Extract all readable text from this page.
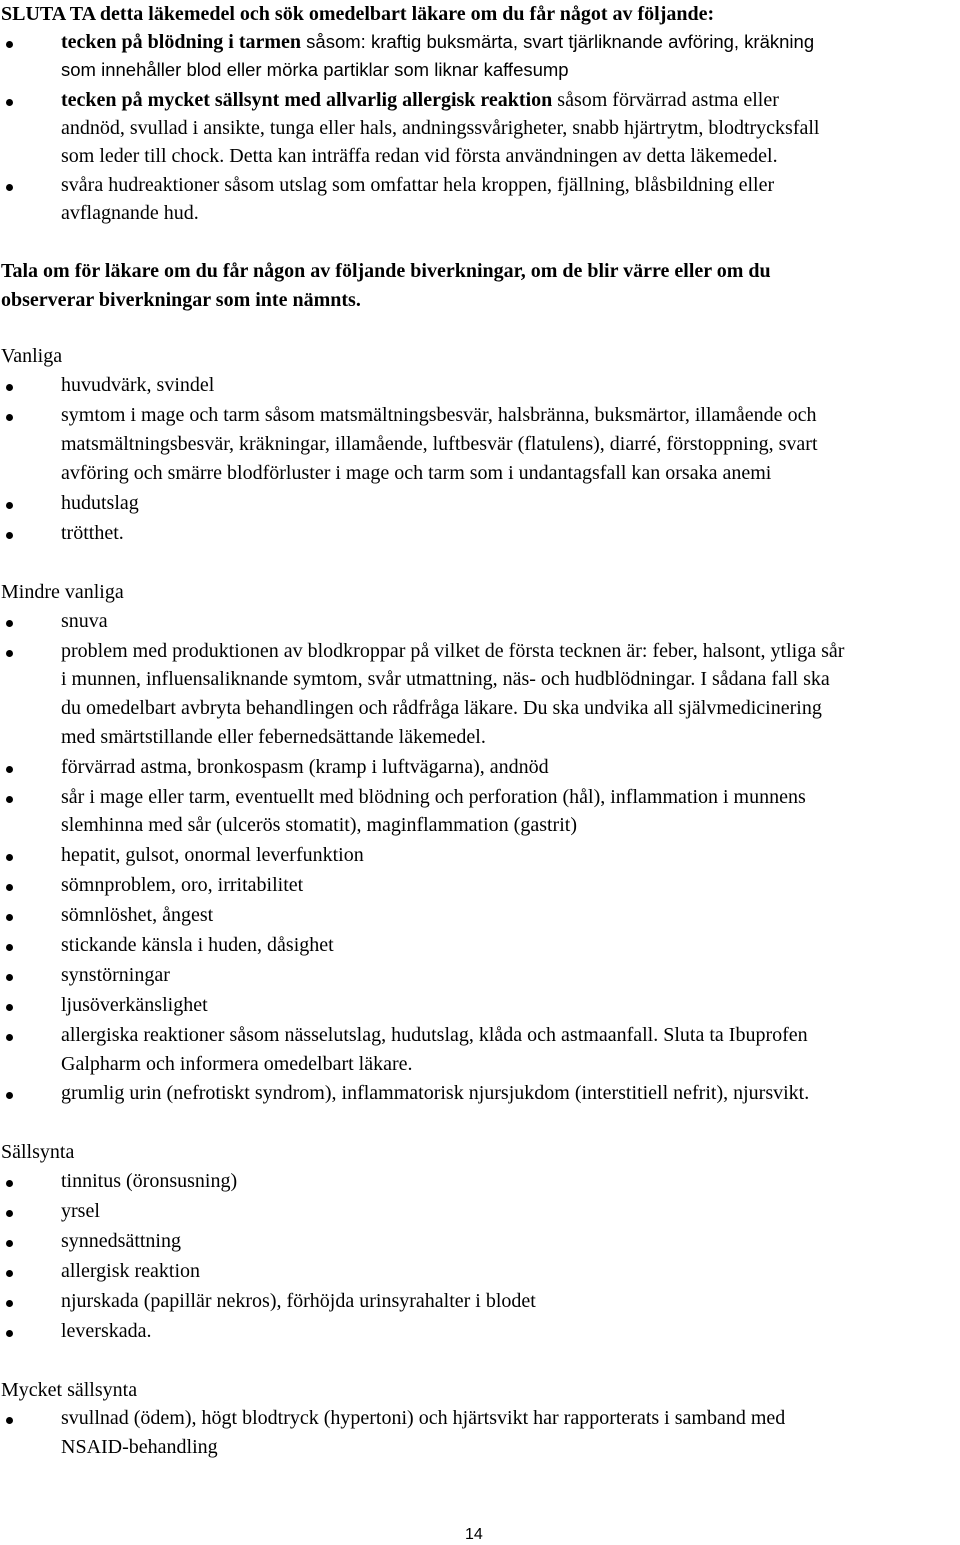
SLUTA TA detta läkemedel och sök omedelbart läkare om du får något av följande:
tecken på blödning i tarmen såsom: kraftig buksmärta, svart tjärliknande avföring, kräkning
som innehåller blod eller mörka partiklar som liknar kaffesump
tecken på mycket sällsynt med allvarlig allergisk reaktion såsom förvärrad astma eller
andnöd, svullad i ansikte, tunga eller hals, andningssvårigheter, snabb hjärtrytm, blodtrycksfall
som leder till chock. Detta kan inträffa redan vid första användningen av detta läkemedel.
svåra hudreaktioner såsom utslag som omfattar hela kroppen, fjällning, blåsbildning eller
avflagnande hud.
Tala om för läkare om du får någon av följande biverkningar, om de blir värre eller om du
observerar biverkningar som inte nämnts.
Vanliga
huvudvärk, svindel
symtom i mage och tarm såsom matsmältningsbesvär, halsbränna, buksmärtor, illamående och
matsmältningsbesvär, kräkningar, illamående, luftbesvär (flatulens), diarré, förstoppning, svart
avföring och smärre blodförluster i mage och tarm som i undantagsfall kan orsaka anemi
hudutslag
trötthet.
Mindre vanliga
snuva
problem med produktionen av blodkroppar på vilket de första tecknen är: feber, halsont, ytliga sår
i munnen, influensaliknande symtom, svår utmattning, näs- och hudblödningar. I sådana fall ska
du omedelbart avbryta behandlingen och rådfråga läkare. Du ska undvika all självmedicinering
med smärtstillande eller febernedsättande läkemedel.
förvärrad astma, bronkospasm (kramp i luftvägarna), andnöd
sår i mage eller tarm, eventuellt med blödning och perforation (hål), inflammation i munnens
slemhinna med sår (ulcerös stomatit), maginflammation (gastrit)
hepatit, gulsot, onormal leverfunktion
sömnproblem, oro, irritabilitet
sömnlöshet, ångest
stickande känsla i huden, dåsighet
synstörningar
ljusöverkänslighet
allergiska reaktioner såsom nässelutslag, hudutslag, klåda och astmaanfall. Sluta ta Ibuprofen
Galpharm och informera omedelbart läkare.
grumlig urin (nefrotiskt syndrom), inflammatorisk njursjukdom (interstitiell nefrit), njursvikt.
Sällsynta
tinnitus (öronsusning)
yrsel
synnedsättning
allergisk reaktion
njurskada (papillär nekros), förhöjda urinsyrahalter i blodet
leverskada.
Mycket sällsynta
svullnad (ödem), högt blodtryck (hypertoni) och hjärtsvikt har rapporterats i samband med
NSAID-behandling
14
